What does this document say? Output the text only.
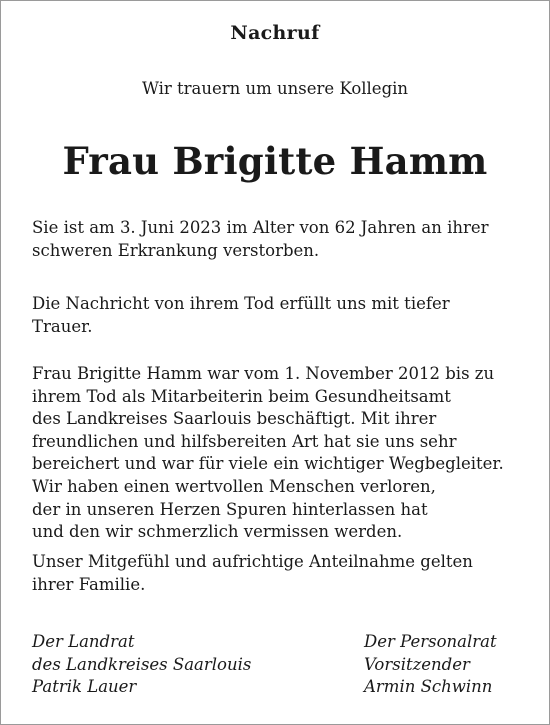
Nachruf
Wir trauern um unsere Kollegin
Frau Brigitte Hamm

Sie ist am 3. Juni 2023 im Alter von 62 Jahren an ihrer
schweren Erkrankung verstorben.

Die Nachricht von ihrem Tod erfüllt uns mit tiefer
Trauer.

Frau Brigitte Hamm war vom 1. November 2012 bis zu
ihrem Tod als Mitarbeiterin beim Gesundheitsamt
des Landkreises Saarlouis beschäftigt. Mit ihrer
freundlichen und hilfsbereiten Art hat sie uns sehr
bereichert und war für viele ein wichtiger Wegbegleiter.
Wir haben einen wertvollen Menschen verloren,
der in unseren Herzen Spuren hinterlassen hat
und den wir schmerzlich vermissen werden.

Unser Mitgefühl und aufrichtige Anteilnahme gelten
ihrer Familie.

Der Landrat
des Landkreises Saarlouis
Patrik Lauer
Der Personalrat
Vorsitzender
Armin Schwinn
